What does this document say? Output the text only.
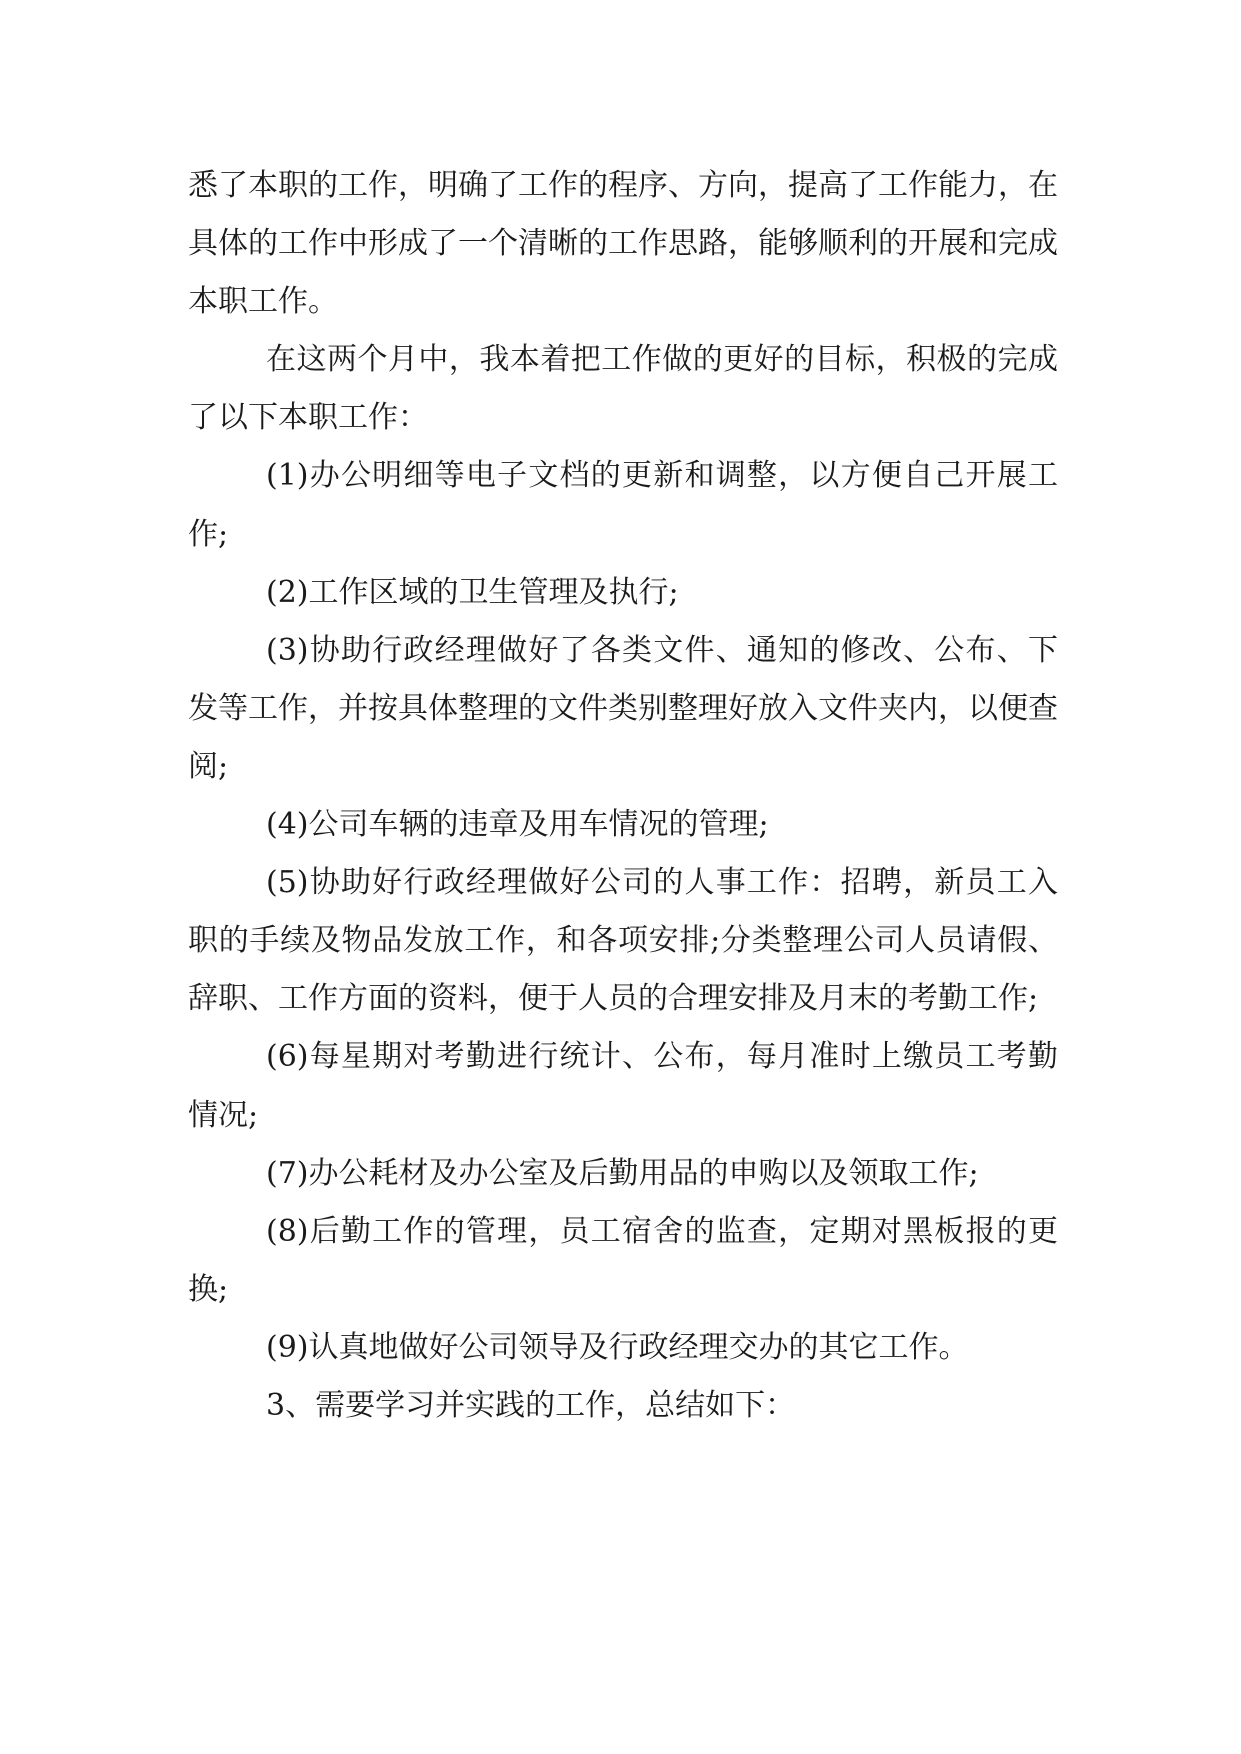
悉了本职的工作，明确了工作的程序、方向，提高了工作能力，在具体的工作中形成了一个清晰的工作思路，能够顺利的开展和完成本职工作。

在这两个月中，我本着把工作做的更好的目标，积极的完成了以下本职工作：

(1)办公明细等电子文档的更新和调整，以方便自己开展工作;

(2)工作区域的卫生管理及执行;

(3)协助行政经理做好了各类文件、通知的修改、公布、下发等工作，并按具体整理的文件类别整理好放入文件夹内，以便查阅;

(4)公司车辆的违章及用车情况的管理;

(5)协助好行政经理做好公司的人事工作：招聘，新员工入职的手续及物品发放工作，和各项安排;分类整理公司人员请假、辞职、工作方面的资料，便于人员的合理安排及月末的考勤工作;

(6)每星期对考勤进行统计、公布，每月准时上缴员工考勤情况;

(7)办公耗材及办公室及后勤用品的申购以及领取工作;

(8)后勤工作的管理，员工宿舍的监查，定期对黑板报的更换;

(9)认真地做好公司领导及行政经理交办的其它工作。

3、需要学习并实践的工作，总结如下：
